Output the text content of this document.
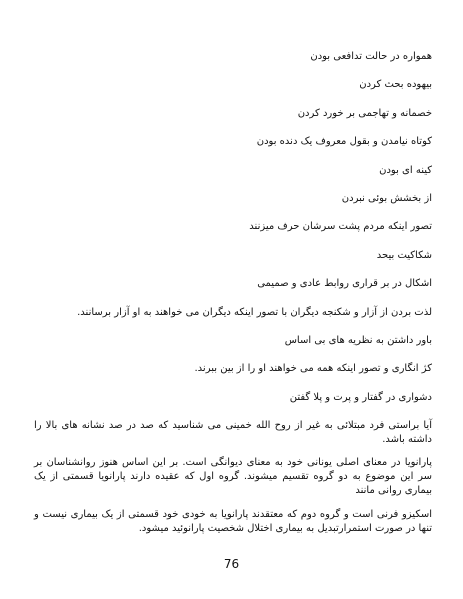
همواره در حالت تدافعی بودن
بیهوده بحث کردن
خصمانه و تهاجمی بر خورد کردن
کوتاه نیامدن و بقول معروف یک دنده بودن
کینه ای بودن
از بخشش بوئی نبردن
تصور اینکه مردم پشت سرشان حرف میزنند
شکاکیت بیحد
اشکال در بر قراری روابط عادی و صمیمی
لذت بردن از آزار و شکنجه دیگران با تصور اینکه دیگران می خواهند به او آزار برسانند.
باور داشتن به نظریه های بی اساس
کژ انگاری و تصور اینکه همه می خواهند او را از بین ببرند.
دشواری در گفتار و پرت و پلا گفتن
آیا براستی فرد مبتلائی به غیر از روح الله خمینی می شناسید که صد در صد نشانه های بالا را داشته باشد.
پارانویا در معنای اصلی یونانی خود به معنای دیوانگی است. بر این اساس هنوز روانشناسان بر سر این موضوع به دو گروه تقسیم میشوند. گروه اول که عقیده دارند پارانویا قسمتی از یک بیماری روانی مانند
اسکیزو فرنی است و گروه دوم که معتقدند پارانویا به خودی خود قسمتی از یک بیماری نیست و تنها در صورت استمرارتبدیل به بیماری اختلال شخصیت پارانوئید میشود.
76
